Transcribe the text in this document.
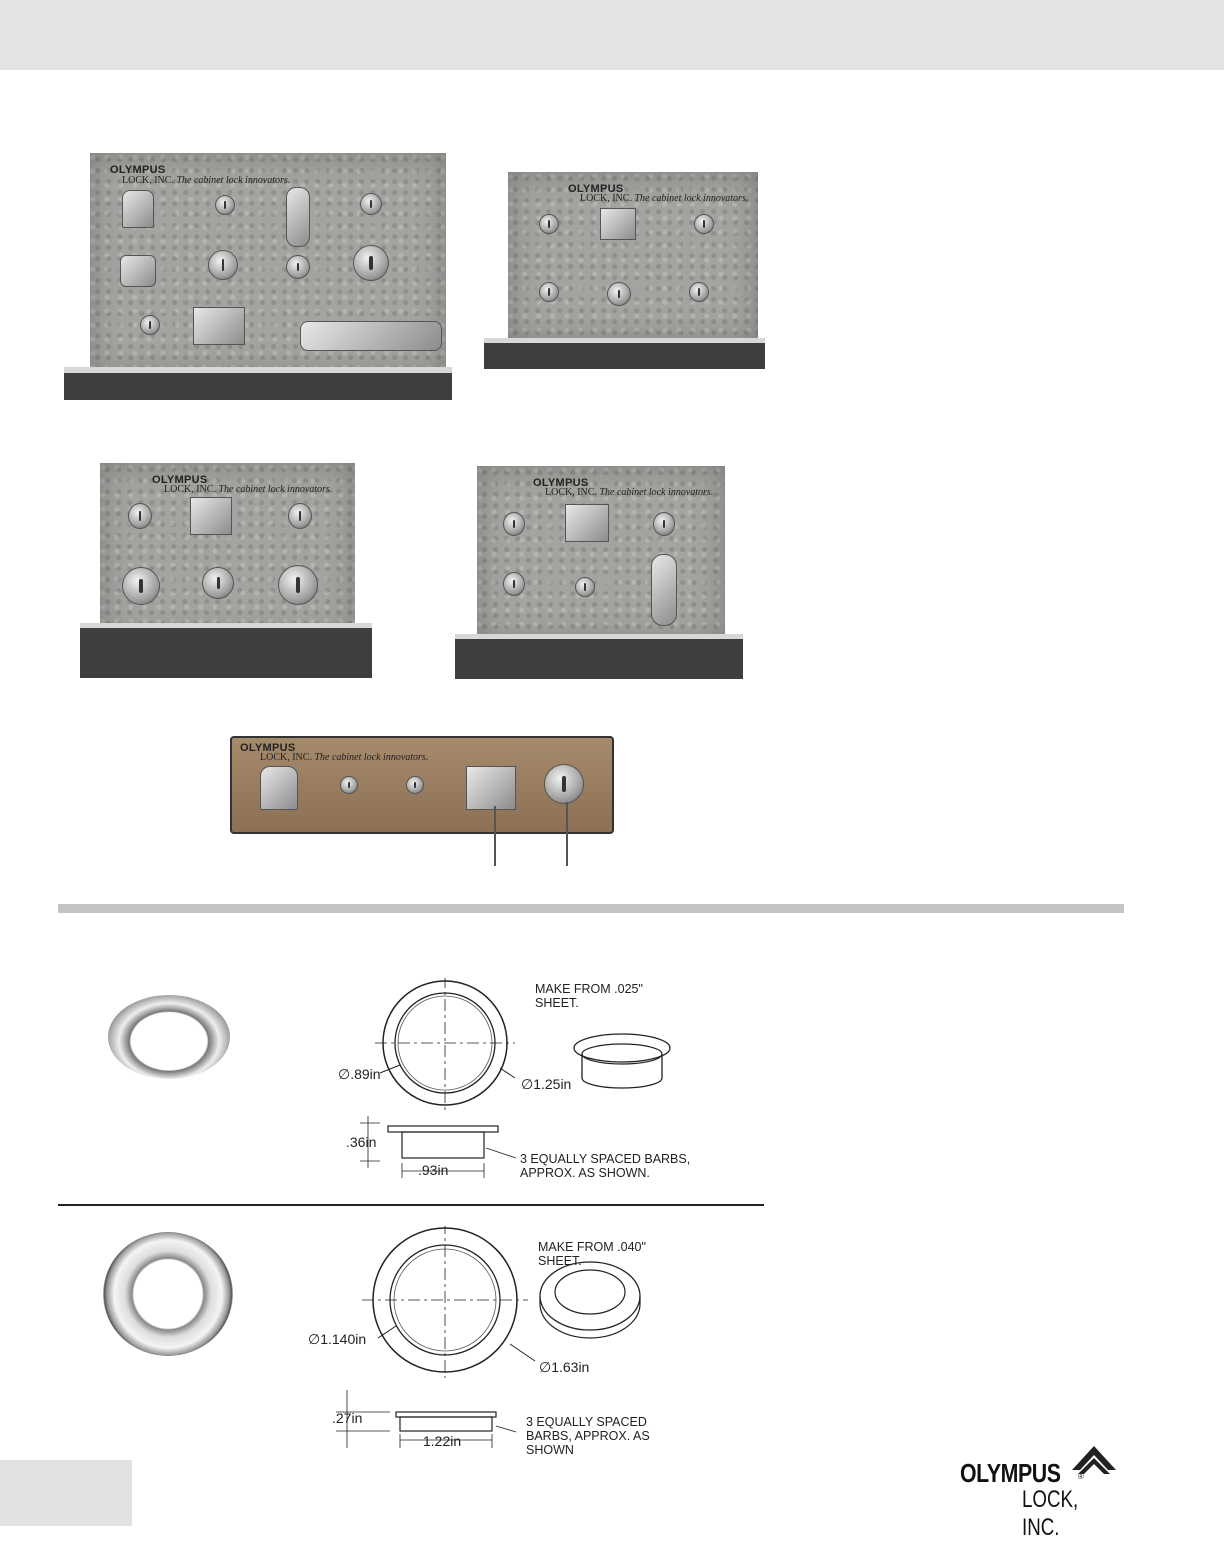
OLYMPUS
LOCK, INC. The cabinet lock innovators.
OLYMPUS
LOCK, INC. The cabinet lock innovators.
OLYMPUS
LOCK, INC. The cabinet lock innovators.
OLYMPUS
LOCK, INC. The cabinet lock innovators.
OLYMPUS
LOCK, INC. The cabinet lock innovators.
∅.89in
∅1.25in
MAKE FROM .025"
SHEET.
.36in
.93in
3 EQUALLY SPACED BARBS,
APPROX. AS SHOWN.
∅1.140in
∅1.63in
MAKE FROM .040"
SHEET.
.27in
1.22in
3 EQUALLY SPACED
BARBS, APPROX. AS
SHOWN
OLYMPUS ®
LOCK, INC.
